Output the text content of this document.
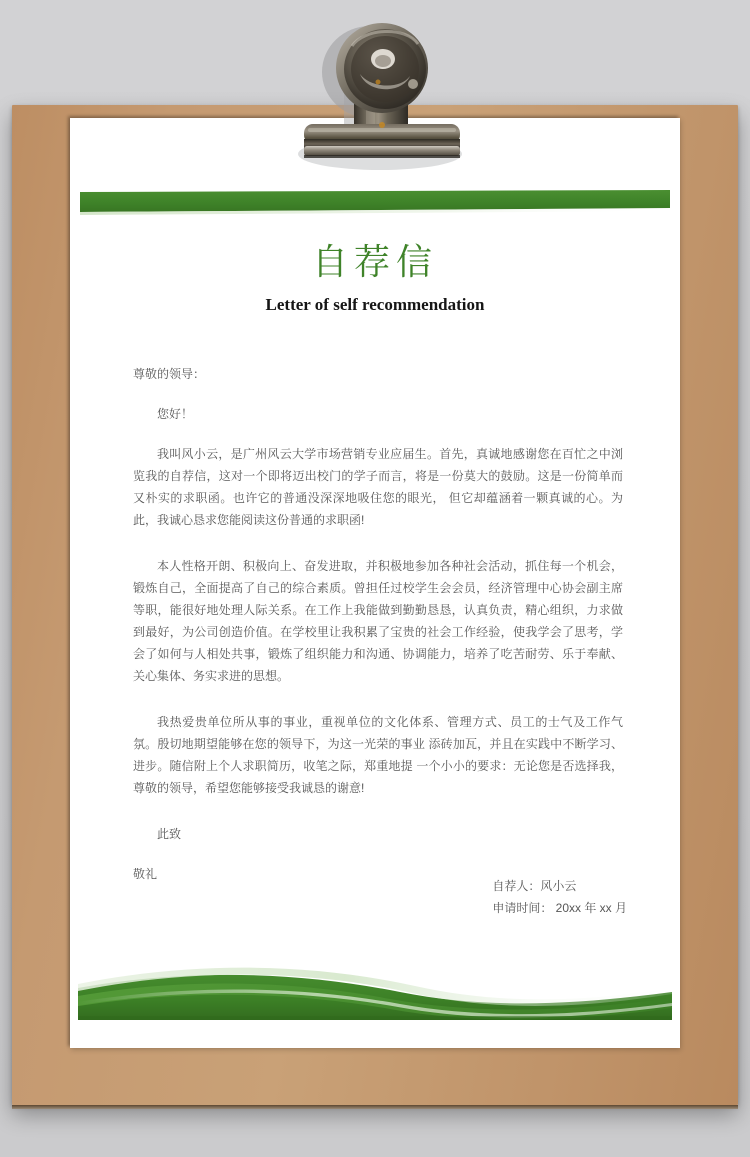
自荐信
Letter of self recommendation

尊敬的领导：

您好！

我叫风小云，是广州风云大学市场营销专业应届生。首先，真诚地感谢您在百忙之中浏览我的自荐信，这对一个即将迈出校门的学子而言，将是一份莫大的鼓励。这是一份简单而又朴实的求职函。也许它的普通没深深地吸住您的眼光， 但它却蕴涵着一颗真诚的心。为此，我诚心恳求您能阅读这份普通的求职函!

本人性格开朗、积极向上、奋发进取，并积极地参加各种社会活动，抓住每一个机会，锻炼自己，全面提高了自己的综合素质。曾担任过校学生会会员，经济管理中心协会副主席等职，能很好地处理人际关系。在工作上我能做到勤勤恳恳，认真负责，精心组织，力求做到最好，为公司创造价值。在学校里让我积累了宝贵的社会工作经验，使我学会了思考，学会了如何与人相处共事，锻炼了组织能力和沟通、协调能力，培养了吃苦耐劳、乐于奉献、关心集体、务实求进的思想。

我热爱贵单位所从事的事业，重视单位的文化体系、管理方式、员工的士气及工作气氛。殷切地期望能够在您的领导下，为这一光荣的事业 添砖加瓦，并且在实践中不断学习、进步。随信附上个人求职简历，收笔之际，郑重地提 一个小小的要求：无论您是否选择我，尊敬的领导，希望您能够接受我诚恳的谢意!

此致

敬礼

自荐人：风小云

申请时间： 20xx 年 xx 月
